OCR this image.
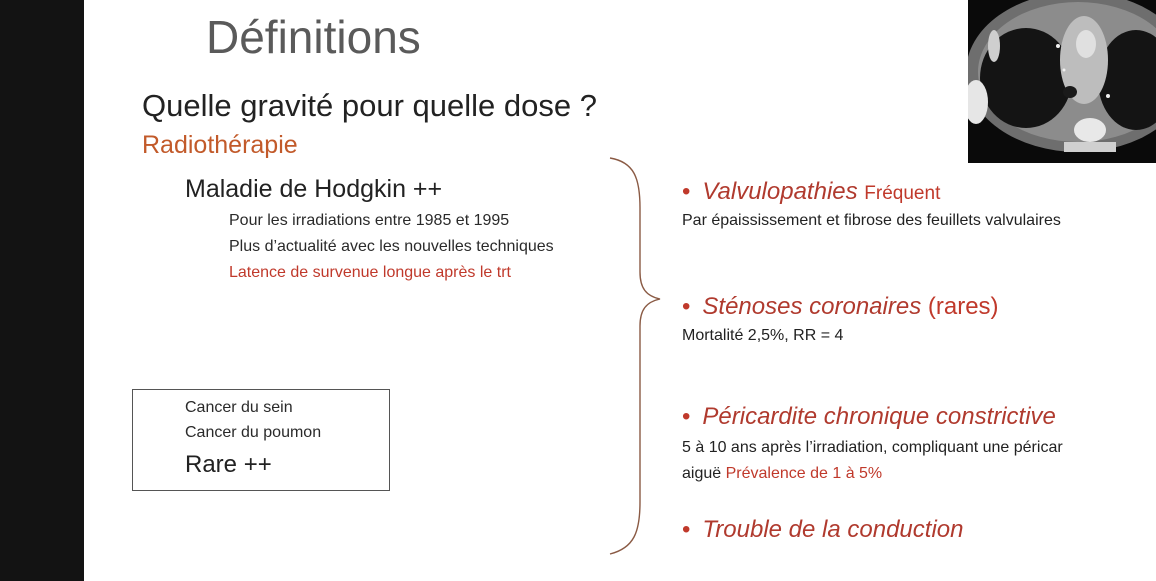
Définitions
Quelle gravité pour quelle dose ?
Radiothérapie
Maladie de Hodgkin ++
Pour les irradiations entre 1985 et 1995
Plus d’actualité avec les nouvelles techniques
Latence de survenue longue après le trt
Cancer du sein
Cancer du poumon
Rare ++
• Valvulopathies Fréquent
Par épaississement et fibrose des feuillets valvulaires
• Sténoses coronaires (rares)
Mortalité 2,5%, RR = 4
• Péricardite chronique constrictive
5 à 10 ans après l’irradiation, compliquant une péricar
aiguë Prévalence de 1 à 5%
• Trouble de la conduction
